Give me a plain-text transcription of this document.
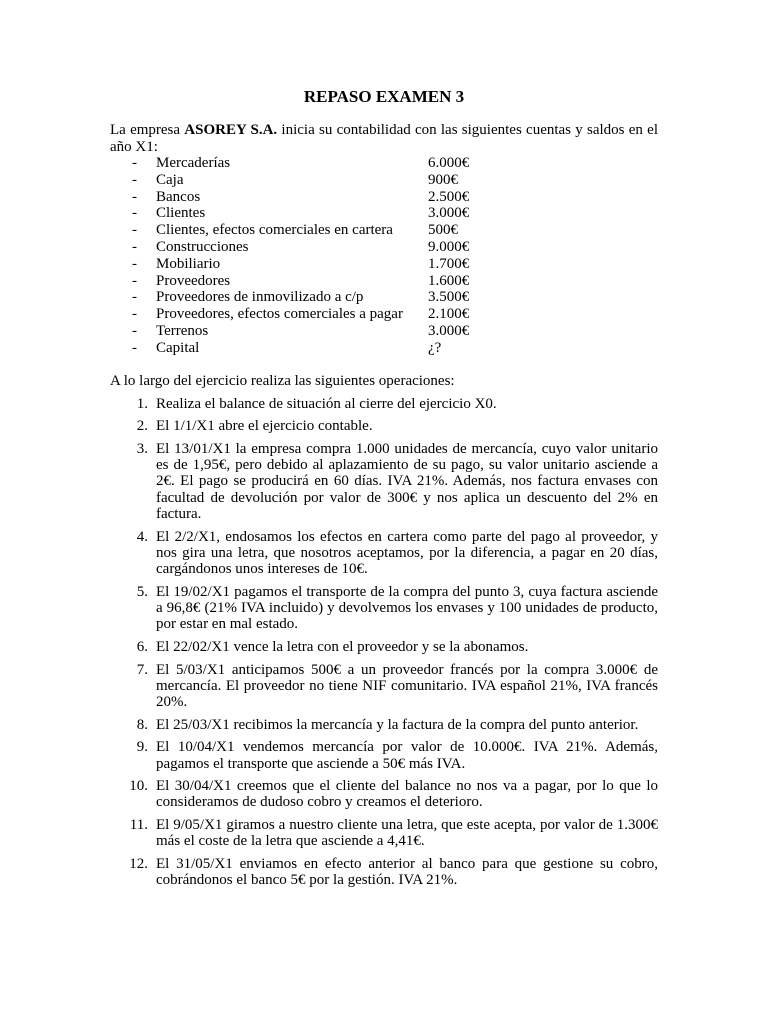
REPASO EXAMEN 3

La empresa ASOREY S.A. inicia su contabilidad con las siguientes cuentas y saldos en el año X1:

- Mercaderías	6.000€
- Caja	900€
- Bancos	2.500€
- Clientes	3.000€
- Clientes, efectos comerciales en cartera 500€
- Construcciones	9.000€
- Mobiliario	1.700€
- Proveedores	1.600€
- Proveedores de inmovilizado a c/p	3.500€
- Proveedores, efectos comerciales a pagar 2.100€
- Terrenos	3.000€
- Capital	¿?

A lo largo del ejercicio realiza las siguientes operaciones:

1. Realiza el balance de situación al cierre del ejercicio X0.
2. El 1/1/X1 abre el ejercicio contable.
3. El 13/01/X1 la empresa compra 1.000 unidades de mercancía, cuyo valor unitario es de 1,95€, pero debido al aplazamiento de su pago, su valor unitario asciende a 2€. El pago se producirá en 60 días. IVA 21%. Además, nos factura envases con facultad de devolución por valor de 300€ y nos aplica un descuento del 2% en factura.
4. El 2/2/X1, endosamos los efectos en cartera como parte del pago al proveedor, y nos gira una letra, que nosotros aceptamos, por la diferencia, a pagar en 20 días, cargándonos unos intereses de 10€.
5. El 19/02/X1 pagamos el transporte de la compra del punto 3, cuya factura asciende a 96,8€ (21% IVA incluido) y devolvemos los envases y 100 unidades de producto, por estar en mal estado.
6. El 22/02/X1 vence la letra con el proveedor y se la abonamos.
7. El 5/03/X1 anticipamos 500€ a un proveedor francés por la compra 3.000€ de mercancía. El proveedor no tiene NIF comunitario. IVA español 21%, IVA francés 20%.
8. El 25/03/X1 recibimos la mercancía y la factura de la compra del punto anterior.
9. El 10/04/X1 vendemos mercancía por valor de 10.000€. IVA 21%. Además, pagamos el transporte que asciende a 50€ más IVA.
10. El 30/04/X1 creemos que el cliente del balance no nos va a pagar, por lo que lo consideramos de dudoso cobro y creamos el deterioro.
11. El 9/05/X1 giramos a nuestro cliente una letra, que este acepta, por valor de 1.300€ más el coste de la letra que asciende a 4,41€.
12. El 31/05/X1 enviamos en efecto anterior al banco para que gestione su cobro, cobrándonos el banco 5€ por la gestión. IVA 21%.
